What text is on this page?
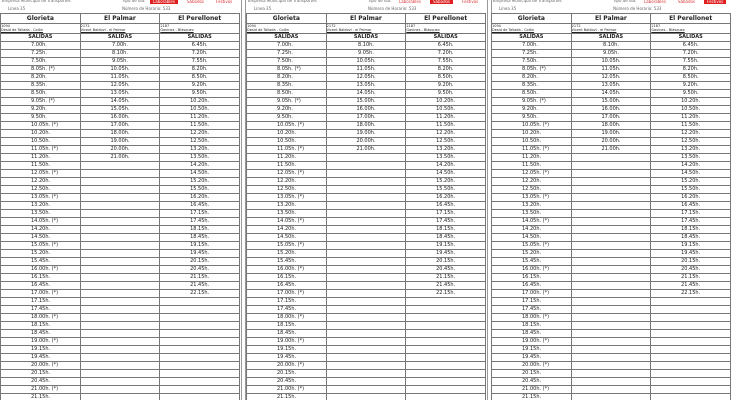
Empresa Municipal de Transportes
Línea 35
Tipo de día:
Número de Horario: 533
Laborables	Sábados	Festivos
Glorieta	El Palmar	El Perellonet
1094
Desid de Tallada - Colón	2172
Vicent Baldoví - el Palmar	2187
Gavines - Blàsquez

SALIDAS	SALIDAS	SALIDAS
7.00h.	7.00h.	6.45h.
7.25h.	8.10h.	7.20h.
7.50h.	9.05h.	7.55h.
8.05h. (*)	10.05h.	8.20h.
8.20h.	11.05h.	8.50h.
8.35h.	12.05h.	9.20h.
8.50h.	13.05h.	9.50h.
9.05h. (*)	14.05h.	10.20h.
9.20h.	15.05h.	10.50h.
9.50h.	16.00h.	11.20h.
10.05h. (*)	17.00h.	11.50h.
10.20h.	18.00h.	12.20h.
10.50h.	19.00h.	12.50h.
11.05h. (*)	20.00h.	13.20h.
11.20h.	21.00h.	13.50h.
11.50h.		14.20h.
12.05h. (*)		14.50h.
12.20h.		15.20h.
12.50h.		15.50h.
13.05h. (*)		16.20h.
13.20h.		16.45h.
13.50h.		17.15h.
14.05h. (*)		17.45h.
14.20h.		18.15h.
14.50h.		18.45h.
15.05h. (*)		19.15h.
15.20h.		19.45h.
15.45h.		20.15h.
16.00h. (*)		20.45h.
16.15h.		21.15h.
16.45h.		21.45h.
17.00h. (*)		22.15h.
17.15h.		
17.45h.		
18.00h. (*)		
18.15h.		
18.45h.		
19.00h. (*)		
19.15h.		
19.45h.		
20.00h. (*)		
20.15h.		
20.45h.		
21.00h. (*)		
21.15h.		
Empresa Municipal de Transportes
Línea 35
Tipo de día:
Número de Horario: 533
Laborables	Sábados	Festivos
Glorieta	El Palmar	El Perellonet
1094
Desid de Tallada - Colón	2172
Vicent Baldoví - el Palmar	2187
Gavines - Blàsquez

SALIDAS	SALIDAS	SALIDAS
7.00h.	8.10h.	6.45h.
7.25h.	9.05h.	7.20h.
7.50h.	10.05h.	7.55h.
8.05h. (*)	11.05h.	8.20h.
8.20h.	12.05h.	8.50h.
8.35h.	13.05h.	9.20h.
8.50h.	14.05h.	9.50h.
9.05h. (*)	15.00h.	10.20h.
9.20h.	16.00h.	10.50h.
9.50h.	17.00h.	11.20h.
10.05h. (*)	18.00h.	11.50h.
10.20h.	19.00h.	12.20h.
10.50h.	20.00h.	12.50h.
11.05h. (*)	21.00h.	13.20h.
11.20h.		13.50h.
11.50h.		14.20h.
12.05h. (*)		14.50h.
12.20h.		15.20h.
12.50h.		15.50h.
13.05h. (*)		16.20h.
13.20h.		16.45h.
13.50h.		17.15h.
14.05h. (*)		17.45h.
14.20h.		18.15h.
14.50h.		18.45h.
15.05h. (*)		19.15h.
15.20h.		19.45h.
15.45h.		20.15h.
16.00h. (*)		20.45h.
16.15h.		21.15h.
16.45h.		21.45h.
17.00h. (*)		22.15h.
17.15h.		
17.45h.		
18.00h. (*)		
18.15h.		
18.45h.		
19.00h. (*)		
19.15h.		
19.45h.		
20.00h. (*)		
20.15h.		
20.45h.		
21.00h. (*)		
21.15h.		
Empresa Municipal de Transportes
Línea 35
Tipo de día:
Número de Horario: 533
Laborables	Sábados	Festivos
Glorieta	El Palmar	El Perellonet
1094
Desid de Tallada - Colón	2172
Vicent Baldoví - el Palmar	2187
Gavines - Blàsquez

SALIDAS	SALIDAS	SALIDAS
7.00h.	8.10h.	6.45h.
7.25h.	9.05h.	7.20h.
7.50h.	10.05h.	7.55h.
8.05h. (*)	11.05h.	8.20h.
8.20h.	12.05h.	8.50h.
8.35h.	13.05h.	9.20h.
8.50h.	14.05h.	9.50h.
9.05h. (*)	15.00h.	10.20h.
9.20h.	16.00h.	10.50h.
9.50h.	17.00h.	11.20h.
10.05h. (*)	18.00h.	11.50h.
10.20h.	19.00h.	12.20h.
10.50h.	20.00h.	12.50h.
11.05h. (*)	21.00h.	13.20h.
11.20h.		13.50h.
11.50h.		14.20h.
12.05h. (*)		14.50h.
12.20h.		15.20h.
12.50h.		15.50h.
13.05h. (*)		16.20h.
13.20h.		16.45h.
13.50h.		17.15h.
14.05h. (*)		17.45h.
14.20h.		18.15h.
14.50h.		18.45h.
15.05h. (*)		19.15h.
15.20h.		19.45h.
15.45h.		20.15h.
16.00h. (*)		20.45h.
16.15h.		21.15h.
16.45h.		21.45h.
17.00h. (*)		22.15h.
17.15h.		
17.45h.		
18.00h. (*)		
18.15h.		
18.45h.		
19.00h. (*)		
19.15h.		
19.45h.		
20.00h. (*)		
20.15h.		
20.45h.		
21.00h. (*)		
21.15h.		
